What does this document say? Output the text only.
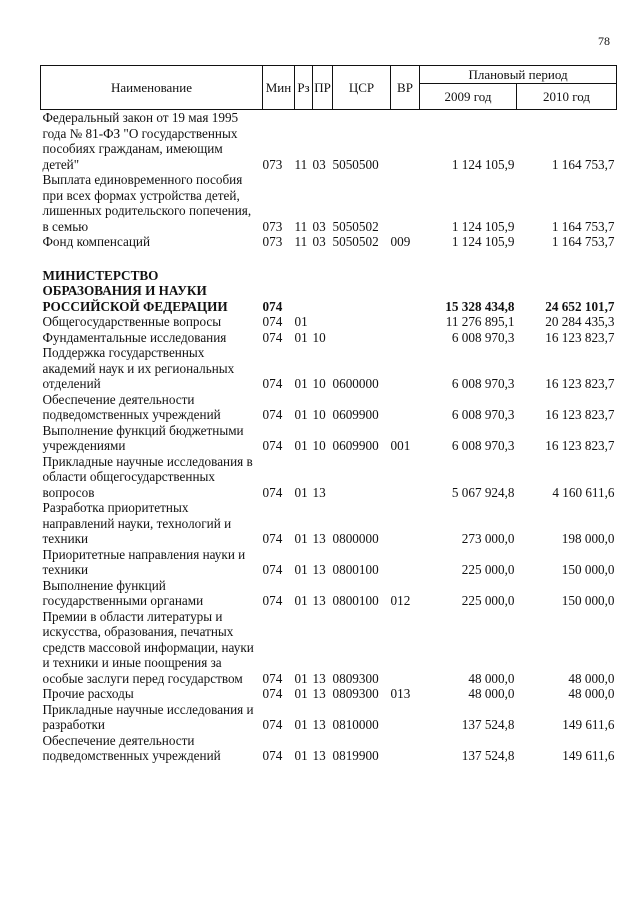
78
Наименование	Мин	Рз	ПР	ЦСР	ВР	Плановый период	
						2009 год	2010 год
Федеральный закон от 19 мая 1995 года № 81-ФЗ "О государственных пособиях гражданам, имеющим детей"	073	11	03	5050500		1 124 105,9	1 164 753,7
Выплата единовременного пособия при всех формах устройства детей, лишенных родительского попечения, в семью	073	11	03	5050502		1 124 105,9	1 164 753,7
Фонд компенсаций	073	11	03	5050502	009	1 124 105,9	1 164 753,7

МИНИСТЕРСТВО ОБРАЗОВАНИЯ И НАУКИ РОССИЙСКОЙ ФЕДЕРАЦИИ	074					15 328 434,8	24 652 101,7
Общегосударственные вопросы	074	01				11 276 895,1	20 284 435,3
Фундаментальные исследования	074	01	10			6 008 970,3	16 123 823,7
Поддержка государственных академий наук и их региональных отделений	074	01	10	0600000		6 008 970,3	16 123 823,7
Обеспечение деятельности подведомственных учреждений	074	01	10	0609900		6 008 970,3	16 123 823,7
Выполнение функций бюджетными учреждениями	074	01	10	0609900	001	6 008 970,3	16 123 823,7
Прикладные научные исследования в области общегосударственных вопросов	074	01	13			5 067 924,8	4 160 611,6
Разработка приоритетных направлений науки, технологий и техники	074	01	13	0800000		273 000,0	198 000,0
Приоритетные направления науки и техники	074	01	13	0800100		225 000,0	150 000,0
Выполнение функций государственными органами	074	01	13	0800100	012	225 000,0	150 000,0
Премии в области литературы и искусства, образования, печатных средств массовой информации, науки и техники и иные поощрения за особые заслуги перед государством	074	01	13	0809300		48 000,0	48 000,0
Прочие расходы	074	01	13	0809300	013	48 000,0	48 000,0
Прикладные научные исследования и разработки	074	01	13	0810000		137 524,8	149 611,6
Обеспечение деятельности подведомственных учреждений	074	01	13	0819900		137 524,8	149 611,6
